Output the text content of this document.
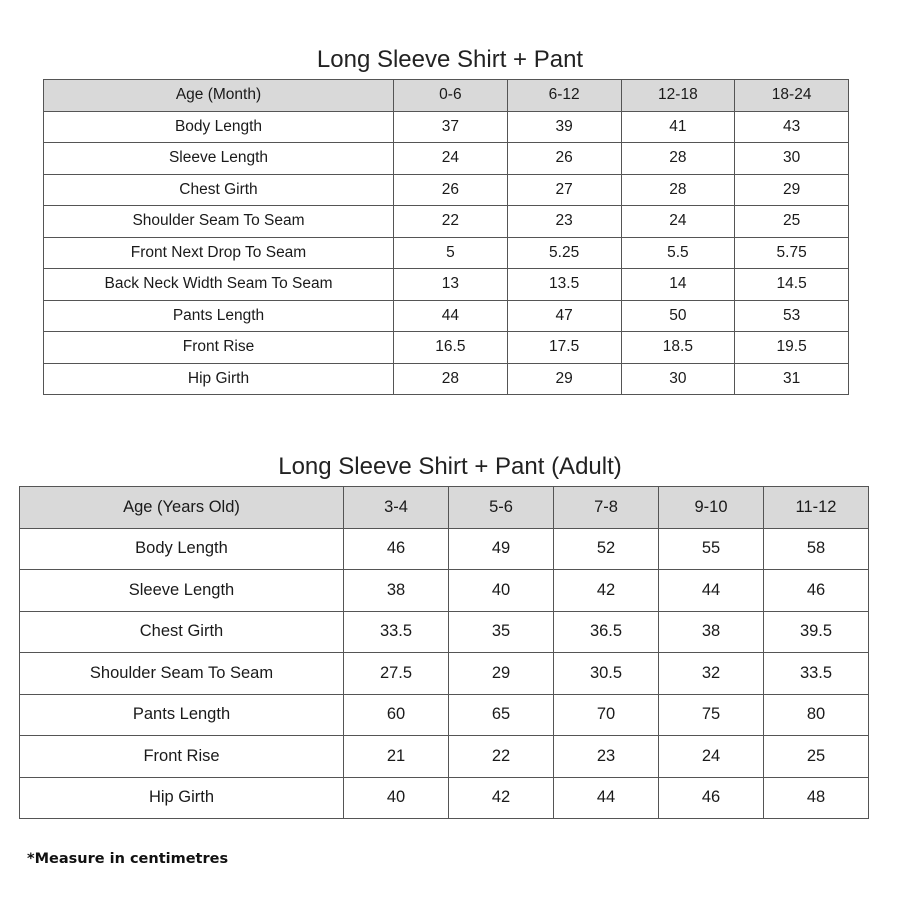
Long Sleeve Shirt + Pant
Age (Month)	0-6	6-12	12-18	18-24
Body Length	37	39	41	43
Sleeve Length	24	26	28	30
Chest Girth	26	27	28	29
Shoulder Seam To Seam	22	23	24	25
Front Next Drop To Seam	5	5.25	5.5	5.75
Back Neck Width Seam To Seam	13	13.5	14	14.5
Pants Length	44	47	50	53
Front Rise	16.5	17.5	18.5	19.5
Hip Girth	28	29	30	31
Long Sleeve Shirt + Pant (Adult)
Age (Years Old)	3-4	5-6	7-8	9-10	11-12
Body Length	46	49	52	55	58
Sleeve Length	38	40	42	44	46
Chest Girth	33.5	35	36.5	38	39.5
Shoulder Seam To Seam	27.5	29	30.5	32	33.5
Pants Length	60	65	70	75	80
Front Rise	21	22	23	24	25
Hip Girth	40	42	44	46	48
*Measure in centimetres
